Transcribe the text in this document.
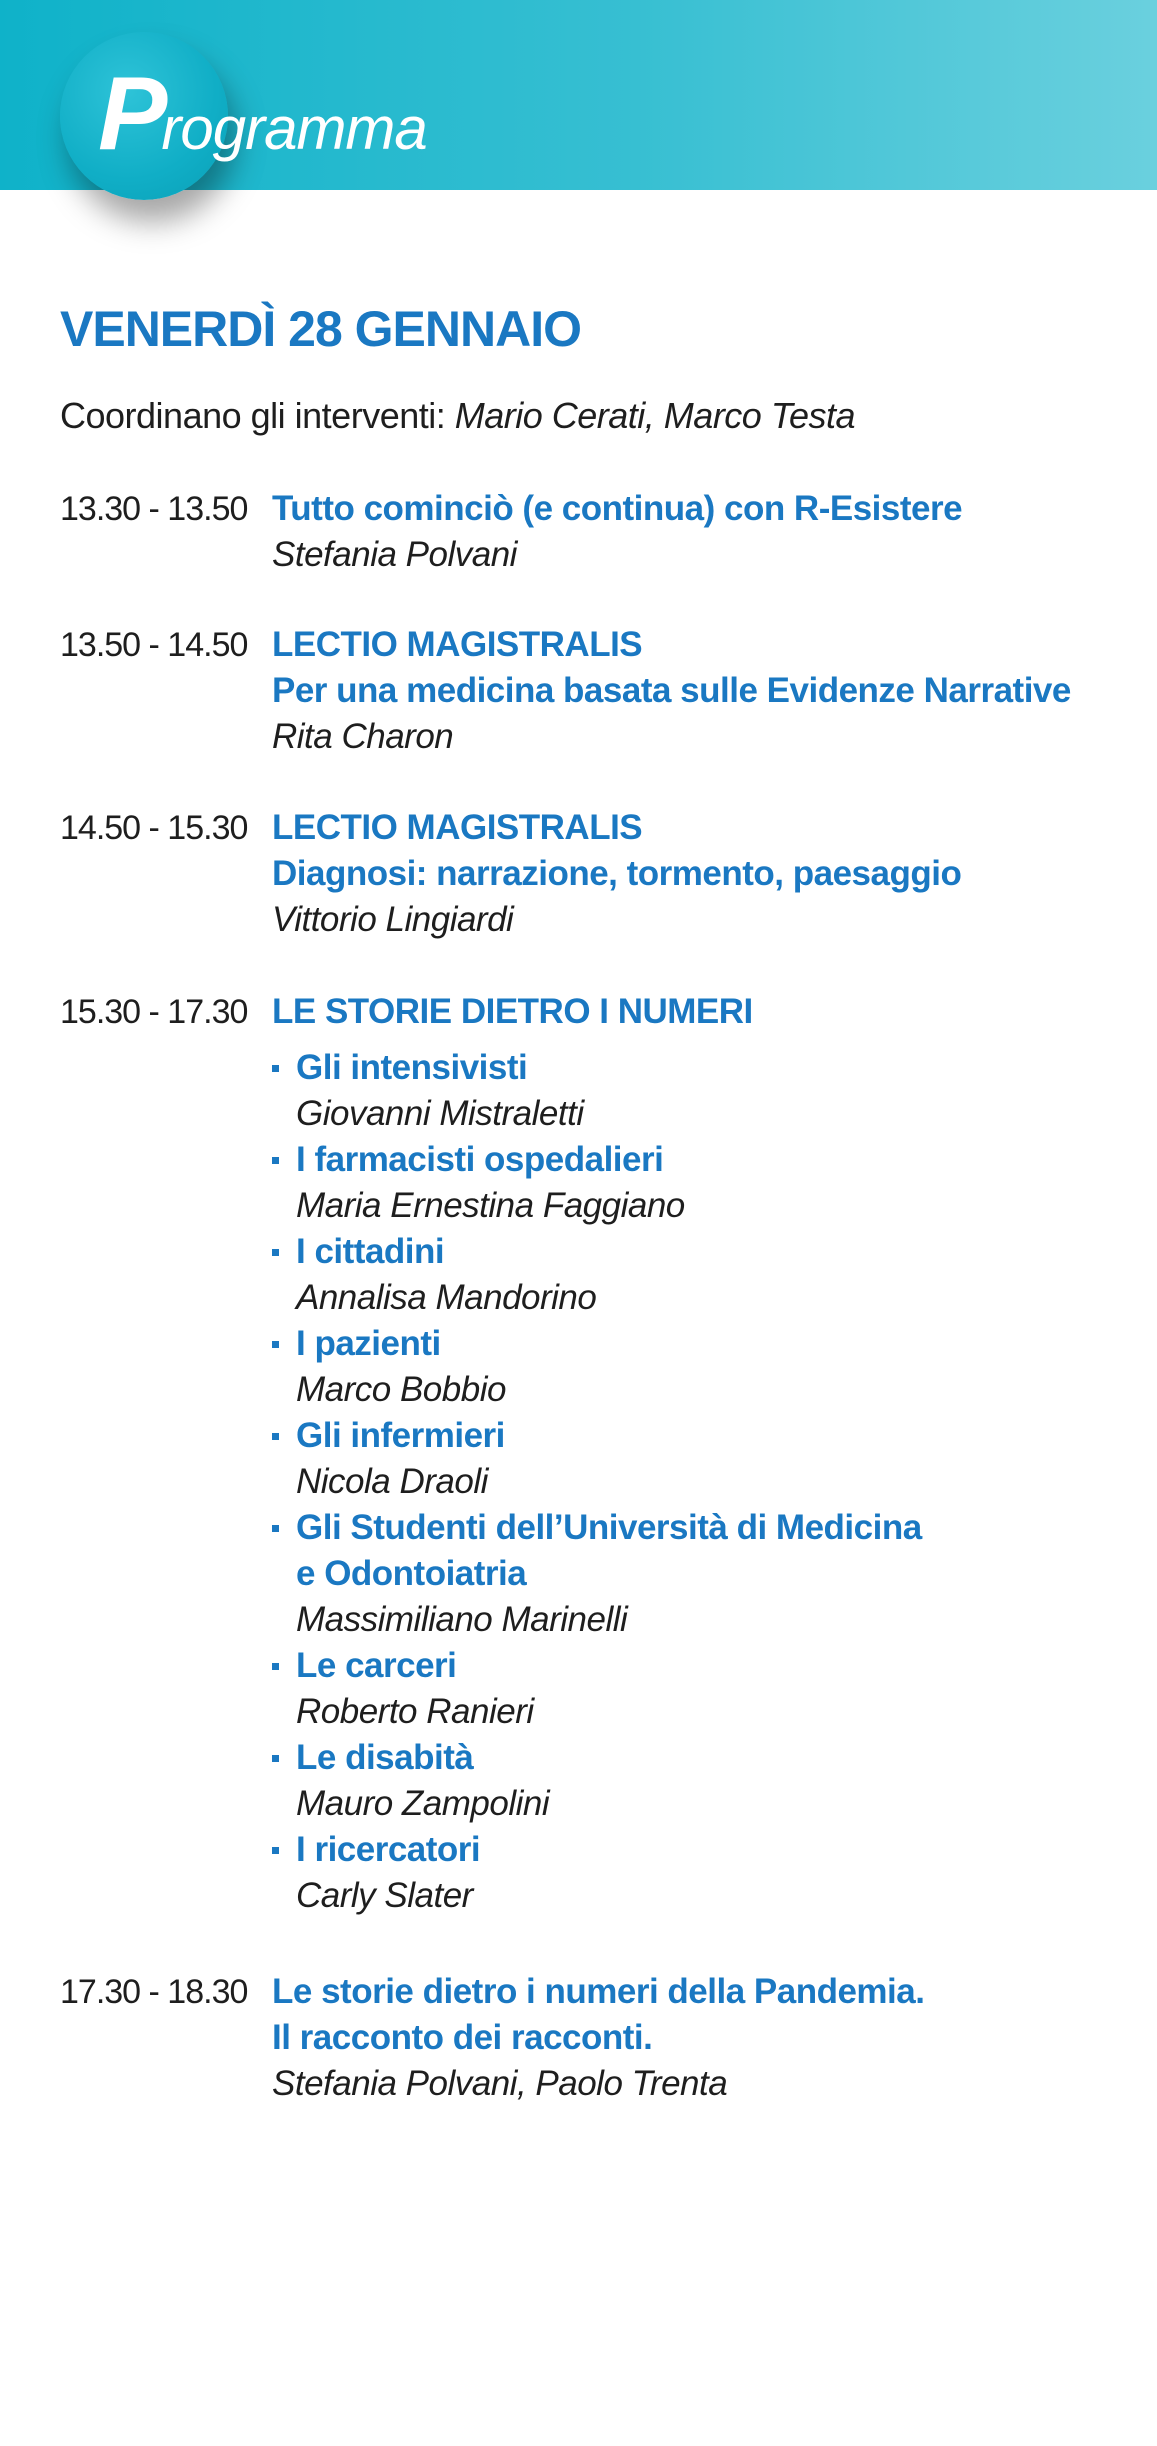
Programma
VENERDÌ 28 GENNAIO
Coordinano gli interventi: Mario Cerati, Marco Testa
13.30 - 13.50 Tutto cominciò (e continua) con R-Esistere
Stefania Polvani
13.50 - 14.50 LECTIO MAGISTRALIS
Per una medicina basata sulle Evidenze Narrative
Rita Charon
14.50 - 15.30 LECTIO MAGISTRALIS
Diagnosi: narrazione, tormento, paesaggio
Vittorio Lingiardi
15.30 - 17.30 LE STORIE DIETRO I NUMERI
Gli intensivisti
Giovanni Mistraletti
I farmacisti ospedalieri
Maria Ernestina Faggiano
I cittadini
Annalisa Mandorino
I pazienti
Marco Bobbio
Gli infermieri
Nicola Draoli
Gli Studenti dell’Università di Medicina
e Odontoiatria
Massimiliano Marinelli
Le carceri
Roberto Ranieri
Le disabità
Mauro Zampolini
I ricercatori
Carly Slater
17.30 - 18.30 Le storie dietro i numeri della Pandemia.
Il racconto dei racconti.
Stefania Polvani, Paolo Trenta
